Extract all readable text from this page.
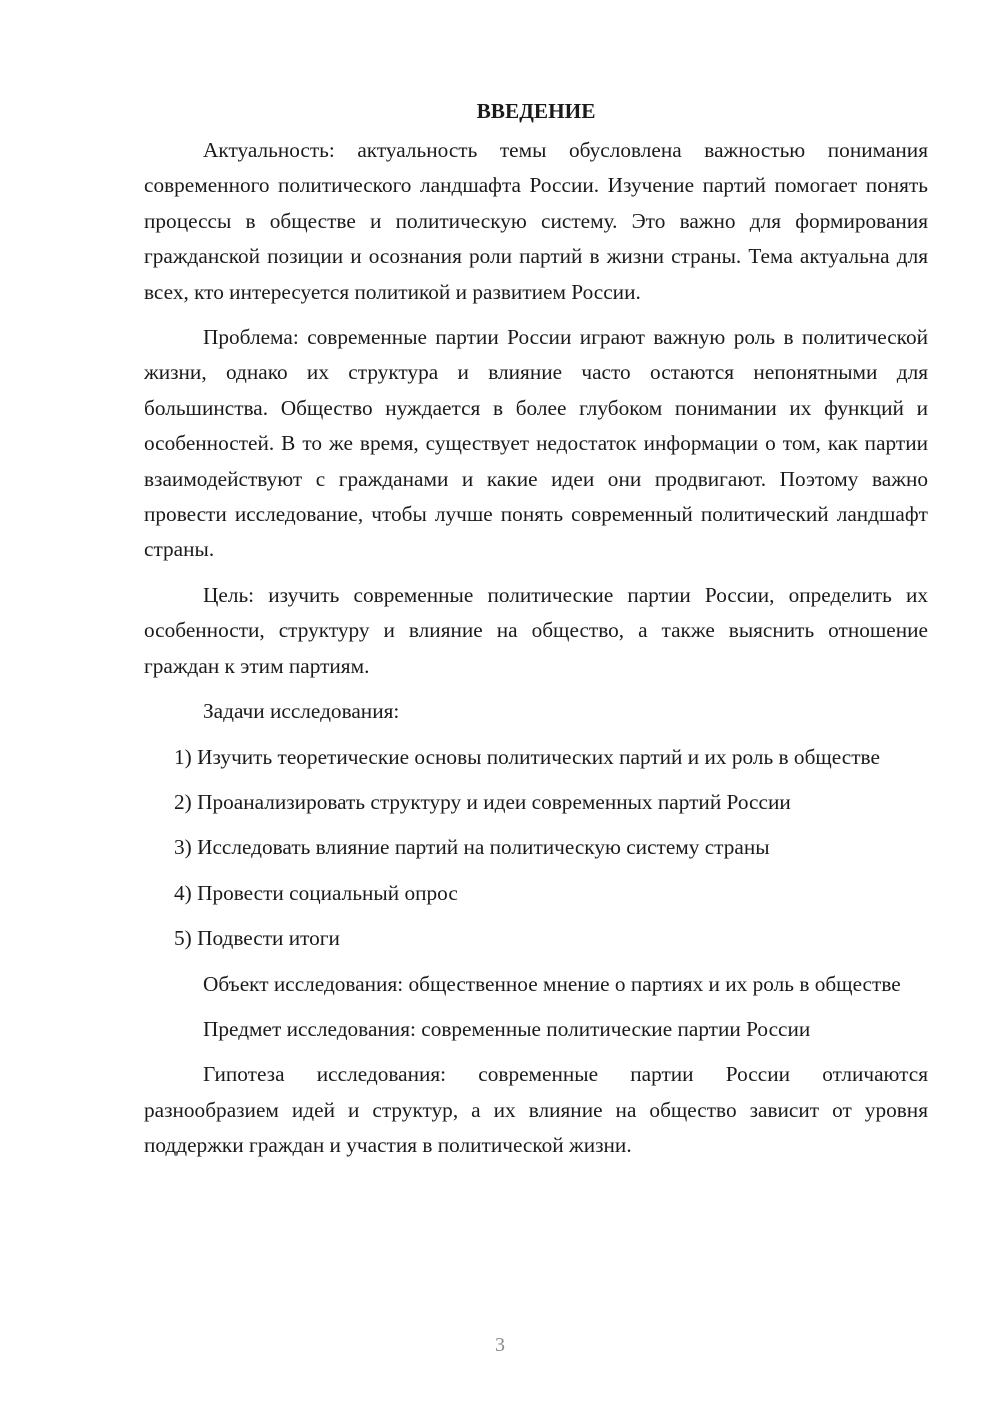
ВВЕДЕНИЕ

Актуальность: актуальность темы обусловлена важностью понимания современного политического ландшафта России. Изучение партий помогает понять процессы в обществе и политическую систему. Это важно для формирования гражданской позиции и осознания роли партий в жизни страны. Тема актуальна для всех, кто интересуется политикой и развитием России.

Проблема: современные партии России играют важную роль в политической жизни, однако их структура и влияние часто остаются непонятными для большинства. Общество нуждается в более глубоком понимании их функций и особенностей. В то же время, существует недостаток информации о том, как партии взаимодействуют с гражданами и какие идеи они продвигают. Поэтому важно провести исследование, чтобы лучше понять современный политический ландшафт страны.

Цель: изучить современные политические партии России, определить их особенности, структуру и влияние на общество, а также выяснить отношение граждан к этим партиям.

Задачи исследования:

1) Изучить теоретические основы политических партий и их роль в обществе

2) Проанализировать структуру и идеи современных партий России

3) Исследовать влияние партий на политическую систему страны

4) Провести социальный опрос

5) Подвести итоги

Объект исследования: общественное мнение о партиях и их роль в обществе

Предмет исследования: современные политические партии России

Гипотеза исследования: современные партии России отличаются разнообразием идей и структур, а их влияние на общество зависит от уровня поддержки граждан и участия в политической жизни.

3
